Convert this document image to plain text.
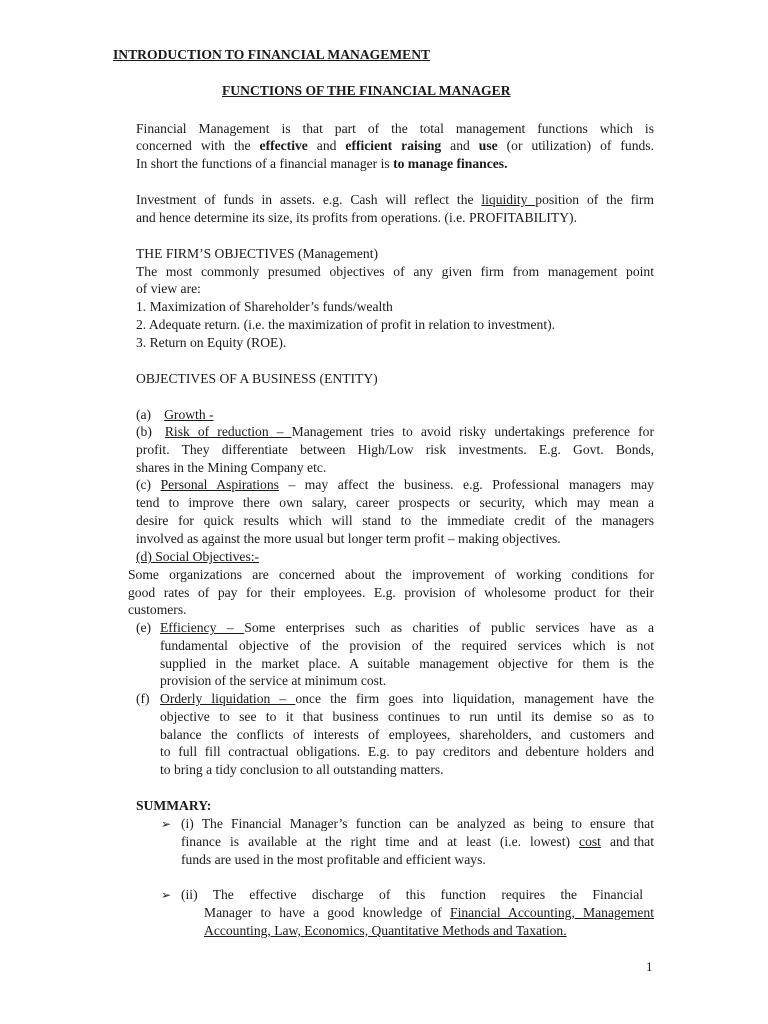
INTRODUCTION TO FINANCIAL MANAGEMENT
FUNCTIONS OF THE FINANCIAL MANAGER
Financial Management is that part of the total management functions which is
concerned with the effective and efficient raising and use (or utilization) of funds.
In short the functions of a financial manager is to manage finances.
Investment of funds in assets. e.g. Cash will reflect the liquidity position of the firm
and hence determine its size, its profits from operations. (i.e. PROFITABILITY).
THE FIRM’S OBJECTIVES (Management)
The most commonly presumed objectives of any given firm from management point
of view are:
1. Maximization of Shareholder’s funds/wealth
2. Adequate return. (i.e. the maximization of profit in relation to investment).
3. Return on Equity (ROE).
OBJECTIVES OF A BUSINESS (ENTITY)
(a) Growth -
(b) Risk of reduction – Management tries to avoid risky undertakings preference for
profit. They differentiate between High/Low risk investments. E.g. Govt. Bonds,
shares in the Mining Company etc.
(c) Personal Aspirations – may affect the business. e.g. Professional managers may
tend to improve there own salary, career prospects or security, which may mean a
desire for quick results which will stand to the immediate credit of the managers
involved as against the more usual but longer term profit – making objectives.
(d) Social Objectives:-
Some organizations are concerned about the improvement of working conditions for
good rates of pay for their employees. E.g. provision of wholesome product for their
customers.
(e) Efficiency – Some enterprises such as charities of public services have as a
fundamental objective of the provision of the required services which is not
supplied in the market place. A suitable management objective for them is the
provision of the service at minimum cost.
(f) Orderly liquidation – once the firm goes into liquidation, management have the
objective to see to it that business continues to run until its demise so as to
balance the conflicts of interests of employees, shareholders, and customers and
to full fill contractual obligations. E.g. to pay creditors and debenture holders and
to bring a tidy conclusion to all outstanding matters.
SUMMARY:
➢ (i) The Financial Manager’s function can be analyzed as being to ensure that
finance is available at the right time and at least (i.e. lowest) cost and that
funds are used in the most profitable and efficient ways.
➢ (ii) The effective discharge of this function requires the Financial
Manager to have a good knowledge of Financial Accounting, Management
Accounting, Law, Economics, Quantitative Methods and Taxation.
1
